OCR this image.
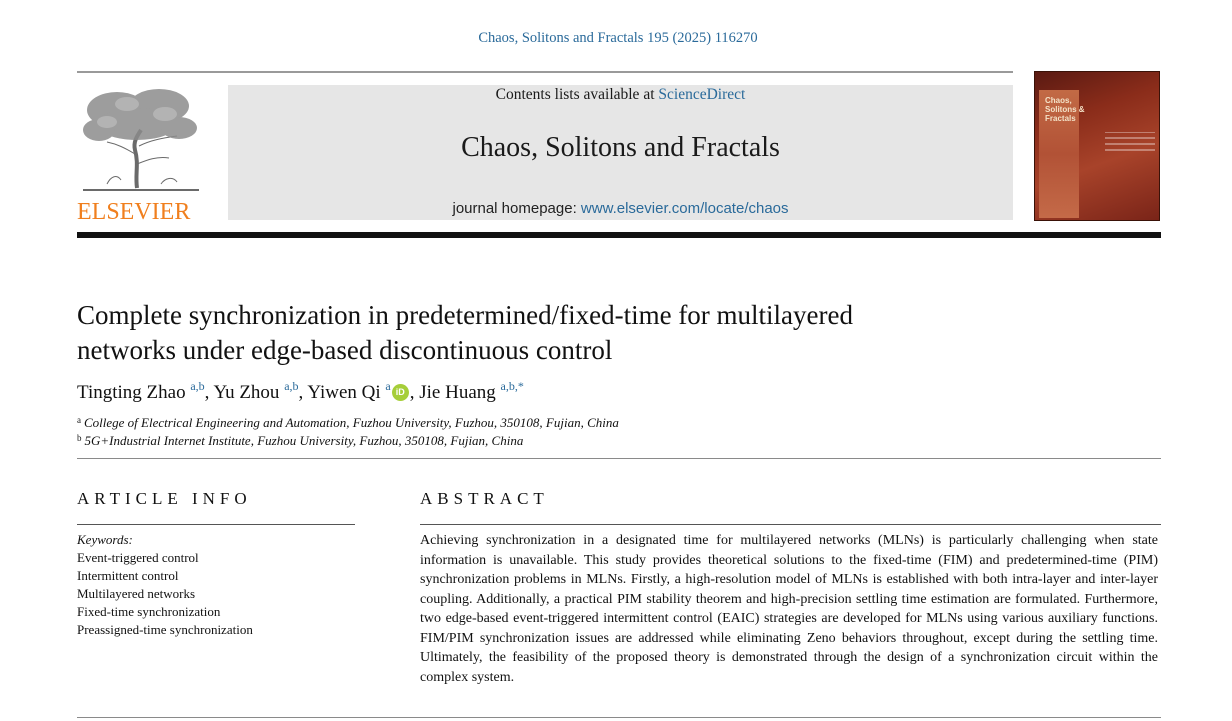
Chaos, Solitons and Fractals 195 (2025) 116270
ELSEVIER
Contents lists available at ScienceDirect
Chaos, Solitons and Fractals
journal homepage: www.elsevier.com/locate/chaos
Chaos, Solitons & Fractals
Complete synchronization in predetermined/fixed-time for multilayered
networks under edge-based discontinuous control
Tingting Zhao $^{a,b}$, Yu Zhou $^{a,b}$, Yiwen Qi $^a$ iD , Jie Huang $^{a,b,*}$
$^a$ College of Electrical Engineering and Automation, Fuzhou University, Fuzhou, 350108, Fujian, China
$^b$ 5G+Industrial Internet Institute, Fuzhou University, Fuzhou, 350108, Fujian, China
ARTICLE INFO	ABSTRACT
Keywords:
Event-triggered control
Intermittent control
Multilayered networks
Fixed-time synchronization
Preassigned-time synchronization
Achieving synchronization in a designated time for multilayered networks (MLNs) is particularly challenging when state information is unavailable. This study provides theoretical solutions to the fixed-time (FIM) and predetermined-time (PIM) synchronization problems in MLNs. Firstly, a high-resolution model of MLNs is established with both intra-layer and inter-layer coupling. Additionally, a practical PIM stability theorem and high-precision settling time estimation are formulated. Furthermore, two edge-based event-triggered intermittent control (EAIC) strategies are developed for MLNs using various auxiliary functions. FIM/PIM synchronization issues are addressed while eliminating Zeno behaviors throughout, except during the settling time. Ultimately, the feasibility of the proposed theory is demonstrated through the design of a synchronization circuit within the complex system.
